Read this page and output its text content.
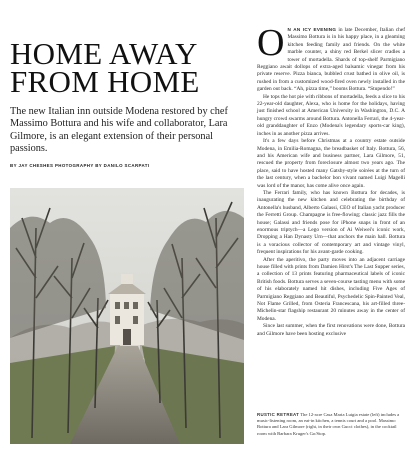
HOME AWAY
FROM HOME
The new Italian inn outside Modena restored by chef Massimo Bottura and his wife and collaborator, Lara Gilmore, is an elegant extension of their personal passions.
BY JAY CHESHES PHOTOGRAPHY BY DANILO SCARPATI

O N AN ICY EVENING in late December, Italian chef Massimo Bottura is in his happy place, in a gleaming kitchen feeding family and friends. On the white marble counter, a shiny red Berkel slicer cradles a tower of mortadella. Shards of top-shelf Parmigiano Reggiano await dollops of extra-aged balsamic vinegar from his private reserve. Pizza bianca, bubbled crust bathed in olive oil, is rushed in from a customized wood-fired oven newly installed in the garden out back. “Ah, pizza time,” booms Bottura. “Stupendo!”

He tops the hot pie with ribbons of mortadella, feeds a slice to his 22-year-old daughter, Alexa, who is home for the holidays, having just finished school at American University in Washington, D.C. A hungry crowd swarms around Bottura. Antonella Ferrari, the 4-year-old granddaughter of Enzo (Modena's legendary sports-car king), inches in as another pizza arrives.

It's a few days before Christmas at a country estate outside Modena, in Emilia-Romagna, the breadbasket of Italy. Bottura, 56, and his American wife and business partner, Lara Gilmore, 51, rescued the property from foreclosure almost two years ago. The place, said to have hosted many Gatsby-style soirées at the turn of the last century, when a bachelor bon vivant named Luigi Magelli was lord of the manor, has come alive once again.

The Ferrari family, who has known Bottura for decades, is inaugurating the new kitchen and celebrating the birthday of Antonella's husband, Alberto Galassi, CEO of Italian yacht producer the Ferretti Group. Champagne is free-flowing; classic jazz fills the house; Galassi and friends pose for iPhone snaps in front of an enormous triptych—a Lego version of Ai Weiwei's iconic work, Dropping a Han Dynasty Urn—that anchors the main hall. Bottura is a voracious collector of contemporary art and vintage vinyl, frequent inspirations for his avant-garde cooking.

After the aperitivo, the party moves into an adjacent carriage house filled with prints from Damien Hirst's The Last Supper series, a collection of 13 prints featuring pharmaceutical labels of iconic British foods. Bottura serves a seven-course tasting menu with some of his elaborately named hit dishes, including Five Ages of Parmigiano Reggiano and Beautiful, Psychedelic Spin-Painted Veal, Not Flame Grilled, from Osteria Francescana, his art-filled three-Michelin-star flagship restaurant 20 minutes away in the center of Modena.

Since last summer, when the first renovations were done, Bottura and Gilmore have been hosting exclusive

RUSTIC RETREAT The 12-acre Casa Maria Luigia estate (left) includes a music-listening room, an eat-in kitchen, a tennis court and a pool. Massimo Bottura and Lara Gilmore (right, in their own Gucci clothes), in the cocktail room with Barbara Kruger's Go/Stop.
